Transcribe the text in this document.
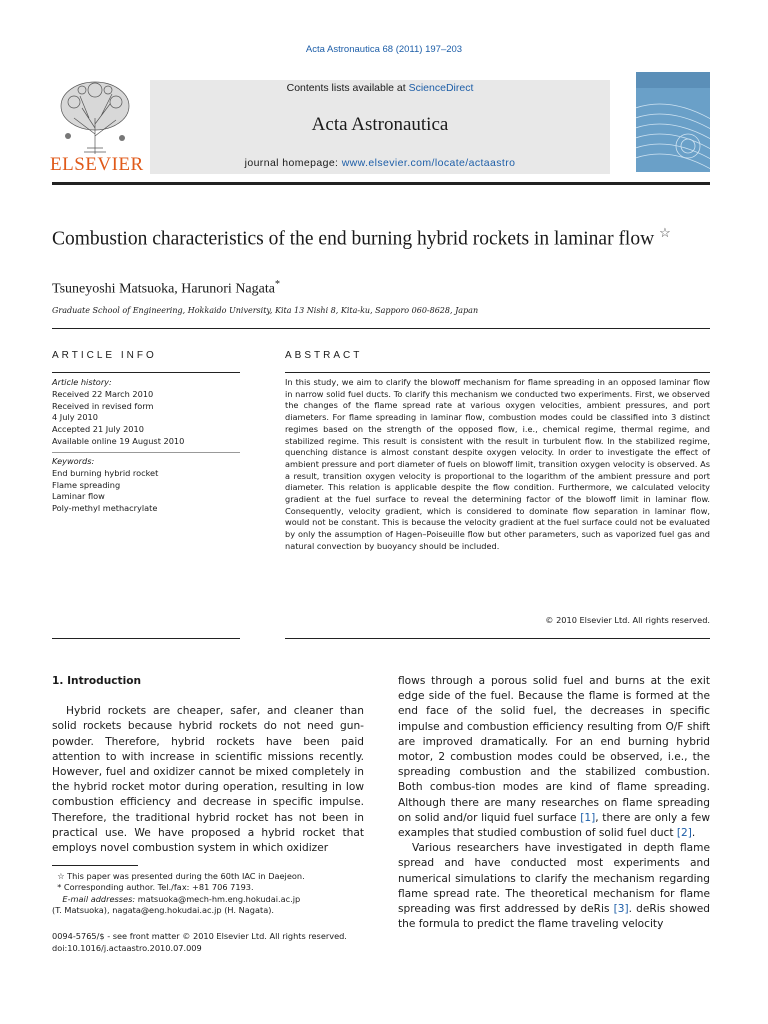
Acta Astronautica 68 (2011) 197–203
ELSEVIER
Contents lists available at ScienceDirect
Acta Astronautica
journal homepage: www.elsevier.com/locate/actaastro
Combustion characteristics of the end burning hybrid rockets in laminar flow ☆
Tsuneyoshi Matsuoka, Harunori Nagata*
Graduate School of Engineering, Hokkaido University, Kita 13 Nishi 8, Kita-ku, Sapporo 060-8628, Japan
ARTICLE INFO
Article history:
Received 22 March 2010
Received in revised form
4 July 2010
Accepted 21 July 2010
Available online 19 August 2010
Keywords:
End burning hybrid rocket
Flame spreading
Laminar flow
Poly-methyl methacrylate
ABSTRACT
In this study, we aim to clarify the blowoff mechanism for flame spreading in an opposed laminar flow in narrow solid fuel ducts. To clarify this mechanism we conducted two experiments. First, we observed the changes of the flame spread rate at various oxygen velocities, ambient pressures, and port diameters. For flame spreading in laminar flow, combustion modes could be classified into 3 distinct regimes based on the strength of the opposed flow, i.e., chemical regime, thermal regime, and stabilized regime. This result is consistent with the result in turbulent flow. In the stabilized regime, quenching distance is almost constant despite oxygen velocity. In order to investigate the effect of ambient pressure and port diameter of fuels on blowoff limit, transition oxygen velocity is observed. As a result, transition oxygen velocity is proportional to the logarithm of the ambient pressure and port diameter. This relation is applicable despite the flow condition. Furthermore, we calculated velocity gradient at the fuel surface to reveal the determining factor of the blowoff limit in laminar flow. Consequently, velocity gradient, which is considered to dominate flow separation in laminar flow, would not be constant. This is because the velocity gradient at the fuel surface could not be evaluated by only the assumption of Hagen–Poiseuille flow but other parameters, such as vaporized fuel gas and natural convection by buoyancy should be included.
© 2010 Elsevier Ltd. All rights reserved.
1. Introduction

Hybrid rockets are cheaper, safer, and cleaner than solid rockets because hybrid rockets do not need gun-powder. Therefore, hybrid rockets have been paid attention to with increase in scientific missions recently. However, fuel and oxidizer cannot be mixed completely in the hybrid rocket motor during operation, resulting in low combustion efficiency and decrease in specific impulse. Therefore, the traditional hybrid rocket has not been in practical use. We have proposed a hybrid rocket that employs novel combustion system in which oxidizer

flows through a porous solid fuel and burns at the exit edge side of the fuel. Because the flame is formed at the end face of the solid fuel, the decreases in specific impulse and combustion efficiency resulting from O/F shift are improved dramatically. For an end burning hybrid motor, 2 combustion modes could be observed, i.e., the spreading combustion and the stabilized combustion. Both combus-tion modes are kind of flame spreading. Although there are many researches on flame spreading on solid and/or liquid fuel surface [1], there are only a few examples that studied combustion of solid fuel duct [2].

Various researchers have investigated in depth flame spread and have conducted most experiments and numerical simulations to clarify the mechanism regarding flame spread rate. The theoretical mechanism for flame spreading was first addressed by deRis [3]. deRis showed the formula to predict the flame traveling velocity

☆ This paper was presented during the 60th IAC in Daejeon.
* Corresponding author. Tel./fax: +81 706 7193.
E-mail addresses: matsuoka@mech-hm.eng.hokudai.ac.jp
(T. Matsuoka), nagata@eng.hokudai.ac.jp (H. Nagata).
0094-5765/$ - see front matter © 2010 Elsevier Ltd. All rights reserved.
doi:10.1016/j.actaastro.2010.07.009
